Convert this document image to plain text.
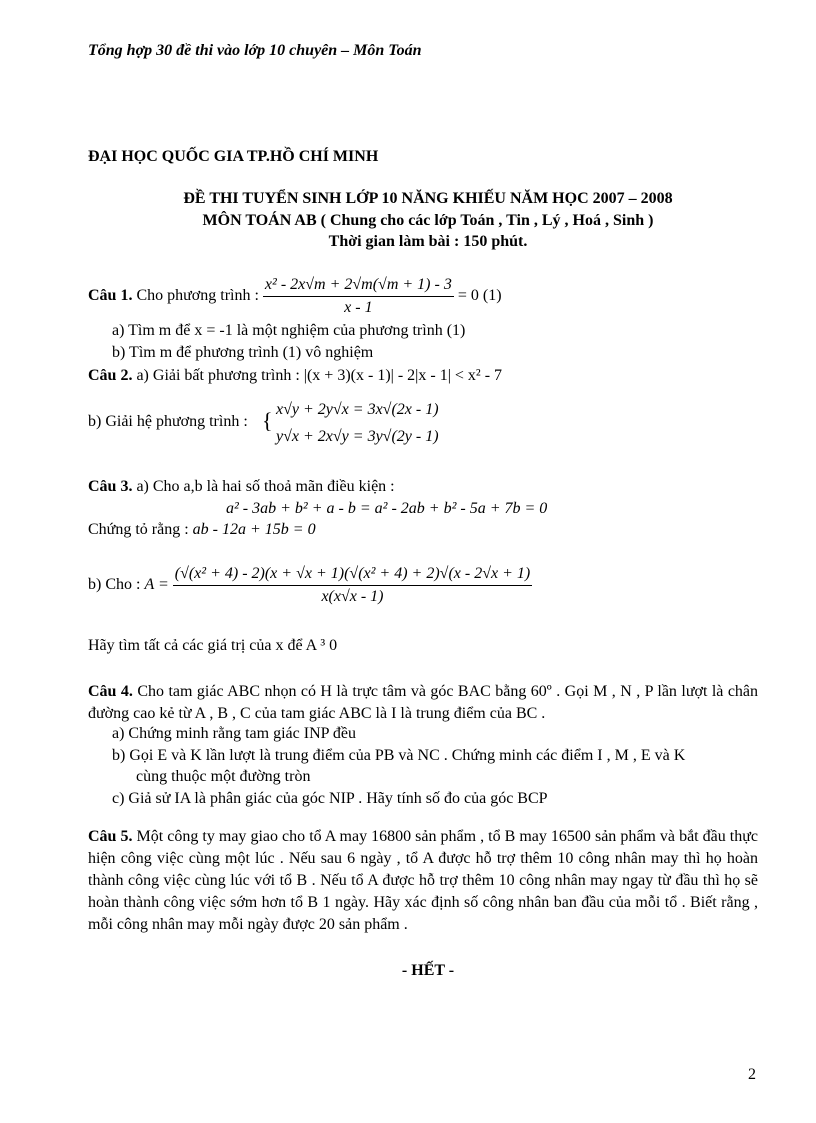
Tổng hợp 30 đề thi vào lớp 10 chuyên – Môn Toán
ĐẠI HỌC QUỐC GIA TP.HỒ CHÍ MINH
ĐỀ THI TUYỂN SINH LỚP 10 NĂNG KHIẾU NĂM HỌC 2007 – 2008
MÔN TOÁN AB ( Chung cho các lớp Toán , Tin , Lý , Hoá , Sinh )
Thời gian làm bài : 150 phút.
Câu 1. Cho phương trình : $\frac{\text{x² - 2x√m + 2√m(√m + 1) - 3}}{x - 1} = 0$ (1)
a) Tìm m để x = -1 là một nghiệm của phương trình (1)
b) Tìm m để phương trình (1) vô nghiệm
Câu 2. a) Giải bất phương trình : |(x + 3)(x - 1)| - 2|x - 1| < x² - 7
b) Giải hệ phương trình : { x√y + 2y√x = 3x√(2x - 1)
y√x + 2x√y = 3y√(2y - 1)
Câu 3. a) Cho a,b là hai số thoả mãn điều kiện :
a² - 3ab + b² + a - b = a² - 2ab + b² - 5a + 7b = 0
Chứng tỏ rằng : ab - 12a + 15b = 0
b) Cho : $A = \frac{\text{(√(x² + 4) - 2)(x + √x + 1)(√(x² + 4) + 2)√(x - 2√x + 1)}}{x(x√x - 1)}$
Hãy tìm tất cả các giá trị của x để A ³ 0
Câu 4. Cho tam giác ABC nhọn có H là trực tâm và góc BAC bằng 60º . Gọi M , N , P lần lượt là chân đường cao kẻ từ A , B , C của tam giác ABC là I là trung điểm của BC .
a) Chứng minh rằng tam giác INP đều
b) Gọi E và K lần lượt là trung điểm của PB và NC . Chứng minh các điểm I , M , E và K
cùng thuộc một đường tròn
c) Giả sử IA là phân giác của góc NIP . Hãy tính số đo của góc BCP
Câu 5. Một công ty may giao cho tổ A may 16800 sản phẩm , tổ B may 16500 sản phẩm và bắt đầu thực hiện công việc cùng một lúc . Nếu sau 6 ngày , tổ A được hỗ trợ thêm 10 công nhân may thì họ hoàn thành công việc cùng lúc với tổ B . Nếu tổ A được hỗ trợ thêm 10 công nhân may ngay từ đầu thì họ sẽ hoàn thành công việc sớm hơn tổ B 1 ngày. Hãy xác định số công nhân ban đầu của mỗi tổ . Biết rằng , mỗi công nhân may mỗi ngày được 20 sản phẩm .
- HẾT -
2
